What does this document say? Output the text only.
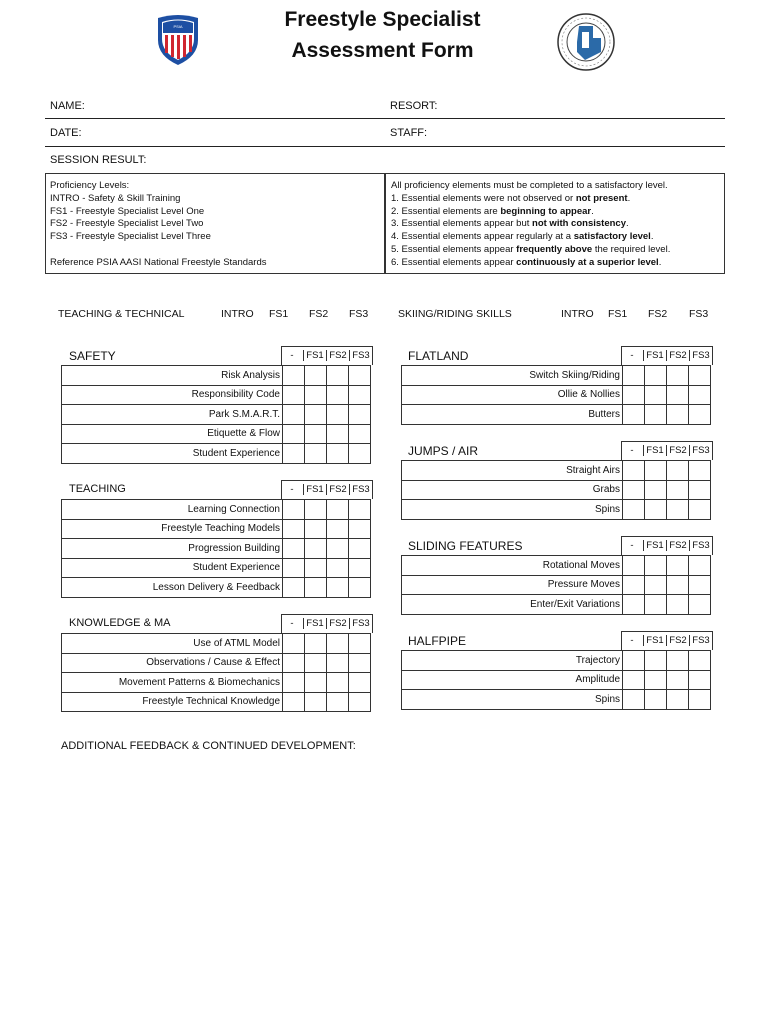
Freestyle Specialist
Assessment Form
PSIA
NAME:	RESORT:
DATE:	STAFF:
SESSION RESULT:
Proficiency Levels:
INTRO - Safety & Skill Training
FS1 - Freestyle Specialist Level One
FS2 - Freestyle Specialist Level Two
FS3 - Freestyle Specialist Level Three
Reference PSIA AASI National Freestyle Standards
All proficiency elements must be completed to a satisfactory level.
1. Essential elements were not observed or not present.
2. Essential elements are beginning to appear.
3. Essential elements appear but not with consistency.
4. Essential elements appear regularly at a satisfactory level.
5. Essential elements appear frequently above the required level.
6. Essential elements appear continuously at a superior level.
TEACHING & TECHNICAL	INTRO FS1 FS2 FS3	SKIING/RIDING SKILLS	INTRO FS1 FS2 FS3
SAFETY	-	FS1 FS2 FS3
Risk Analysis				
Responsibility Code				
Park S.M.A.R.T.				
Etiquette & Flow				
Student Experience				
TEACHING	-	FS1 FS2 FS3
Learning Connection				
Freestyle Teaching Models				
Progression Building				
Student Experience				
Lesson Delivery & Feedback				
KNOWLEDGE & MA	-	FS1 FS2 FS3
Use of ATML Model				
Observations / Cause & Effect				
Movement Patterns & Biomechanics				
Freestyle Technical Knowledge				
FLATLAND	-	FS1 FS2 FS3
Switch Skiing/Riding				
Ollie & Nollies				
Butters				
JUMPS / AIR	-	FS1 FS2 FS3
Straight Airs				
Grabs				
Spins				
SLIDING FEATURES	-	FS1 FS2 FS3
Rotational Moves				
Pressure Moves				
Enter/Exit Variations				
HALFPIPE	-	FS1 FS2 FS3
Trajectory				
Amplitude				
Spins				
ADDITIONAL FEEDBACK & CONTINUED DEVELOPMENT:
